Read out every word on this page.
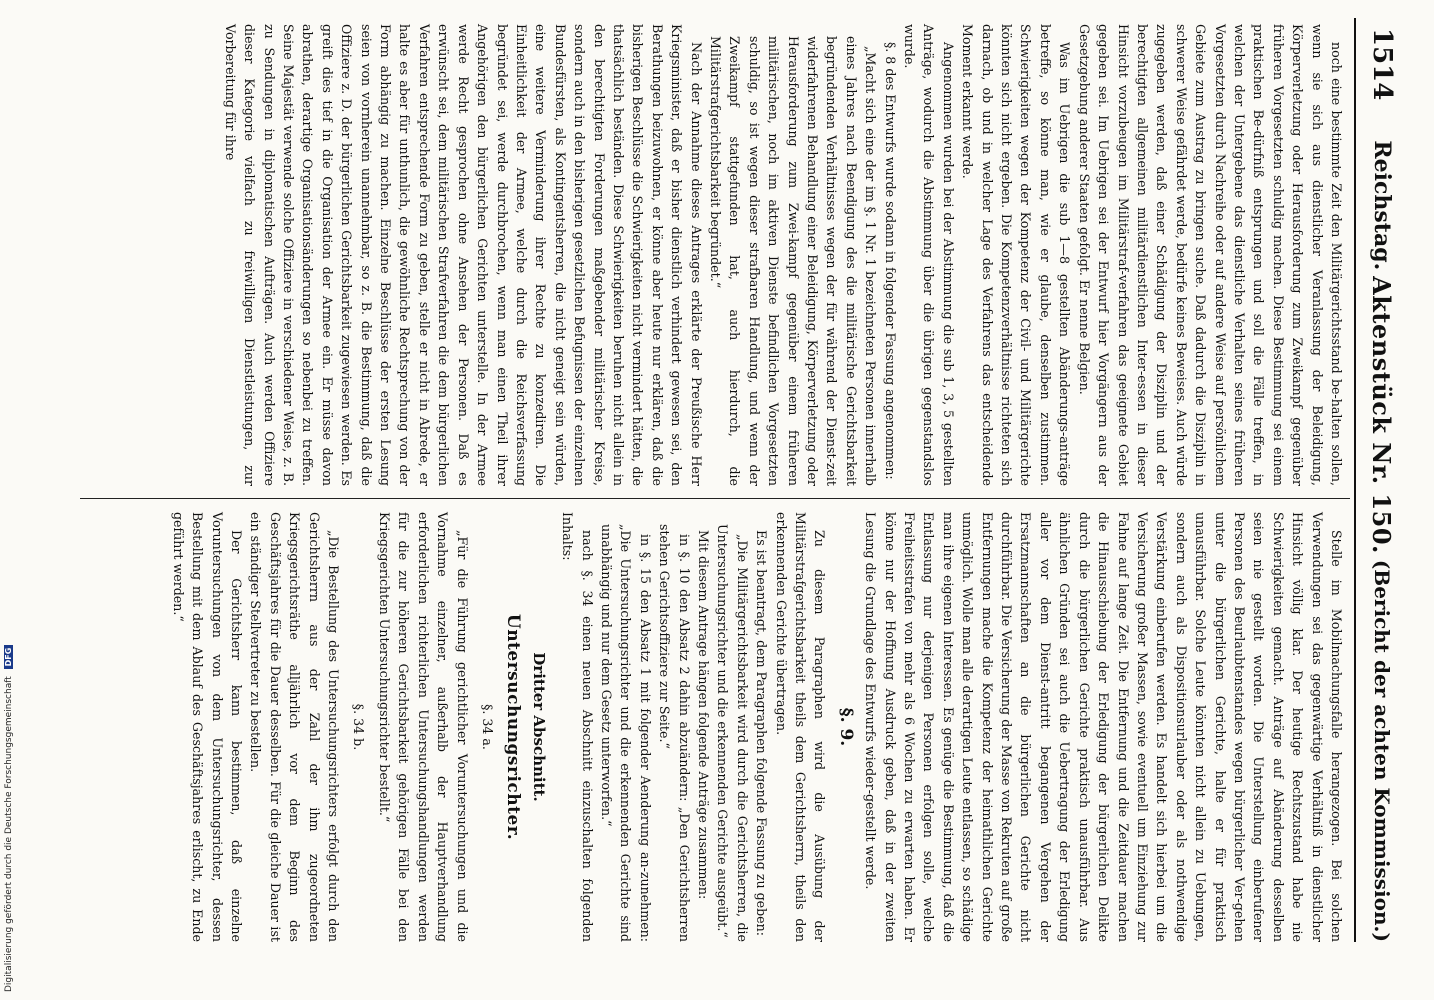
1514
Reichstag.
Aktenstück Nr. 150.
(Bericht der achten Kommission.)

noch eine bestimmte Zeit den Militärgerichtsstand be-halten sollen, wenn sie sich aus dienstlicher Veranlassung der Beleidigung, Körperverletzung oder Herausforderung zum Zweikampf gegenüber früheren Vorgesetzten schuldig machen. Diese Bestimmung sei einem praktischen Be-dürfniß entsprungen und soll die Fälle treffen, in welchen der Untergebene das dienstliche Verhalten seines früheren Vorgesetzten durch Nachreihe oder auf andere Weise auf persönlichem Gebiete zum Austrag zu bringen suche. Daß dadurch die Disziplin in schwerer Weise gefährdet werde, bedürfe keines Beweises. Auch würde zugegeben werden, daß einer Schädigung der Disziplin und der berechtigten allgemeinen militärdienstlichen Inter-essen in dieser Hinsicht vorzubeugen im Militärstraf-verfahren das geeignete Gebiet gegeben sei. Im Uebrigen sei der Entwurf hier Vorgängern aus der Gesetzgebung anderer Staaten gefolgt. Er nenne Belgien.

Was im Uebrigen die sub 1—8 gestellten Abänderungs-anträge betreffe, so könne man, wie er glaube, denselben zustimmen. Schwierigkeiten wegen der Kompetenz der Civil- und Militärgerichte könnten sich nicht ergeben. Die Kompetenzverhältnisse richteten sich darnach, ob und in welcher Lage des Verfahrens das entscheidende Moment erkannt werde.

Angenommen wurden bei der Abstimmung die sub 1, 3, 5 gestellten Anträge, wodurch die Abstimmung über die übrigen gegenstandslos wurde.

§. 8 des Entwurfs wurde sodann in folgender Fassung angenommen:

„Macht sich eine der im §. 1 Nr. 1 bezeichneten Personen innerhalb eines Jahres nach Beendigung des die militärische Gerichtsbarkeit begründenden Verhältnisses wegen der für während der Dienst-zeit widerfahrenen Behandlung einer Beleidigung, Körperverletzung oder Herausforderung zum Zwei-kampf gegenüber einem früheren militärischen, noch im aktiven Dienste befindlichen Vorgesetzten schuldig, so ist wegen dieser strafbaren Handlung, und wenn der Zweikampf stattgefunden hat, auch hierdurch, die Militärstrafgerichtsbarkeit begründet.“

Nach der Annahme dieses Antrages erklärte der Preußische Herr Kriegsminister, daß er bisher dienstlich verhindert gewesen sei, den Berathungen beizuwohnen, er könne aber heute nur erklären, daß die bisherigen Beschlüsse die Schwierigkeiten nicht vermindert hätten, die thatsächlich beständen. Diese Schwierigkeiten beruhen nicht allein in den berechtigten Forderungen maßgebender militärischer Kreise, sondern auch in den bisherigen gesetzlichen Befugnissen der einzelnen Bundesfürsten, als Kontingentsherren, die nicht geneigt sein würden, eine weitere Verminderung ihrer Rechte zu konzediren. Die Einheitlichkeit der Armee, welche durch die Reichsverfassung begründet sei, werde durchbrochen, wenn man einen Theil ihrer Angehörigen den bürgerlichen Gerichten unterstelle. In der Armee werde Recht gesprochen ohne Ansehen der Personen. Daß es erwünscht sei, dem militärischen Strafverfahren die dem bürgerlichen Verfahren entsprechende Form zu geben, stelle er nicht in Abrede, er halte es aber für unthunlich, die gewöhnliche Rechtsprechung von der Form abhängig zu machen. Einzelne Beschlüsse der ersten Lesung seien von vornherein unannehmbar, so z. B. die Bestimmung, daß die Offiziere z. D. der bürgerlichen Gerichtsbarkeit zugewiesen werden. Es greift dies tief in die Organisation der Armee ein. Er müsse davon abrathen, derartige Organisationsänderungen so nebenbei zu treffen. Seine Majestät verwende solche Offiziere in verschiedener Weise, z. B. zu Sendungen in diplomatischen Aufträgen. Auch werden Offiziere dieser Kategorie vielfach zu freiwilligen Dienstleistungen, zur Vorbereitung für ihre

Stelle im Mobilmachungsfalle herangezogen. Bei solchen Verwendungen sei das gegenwärtige Verhältniß in dienstlicher Hinsicht völlig klar. Der heutige Rechtszustand habe nie Schwierigkeiten gemacht. Anträge auf Abänderung desselben seien nie gestellt worden. Die Unterstellung einberufener Personen des Beurlaubtenstandes wegen bürgerlicher Ver-gehen unter die bürgerlichen Gerichte, halte er für praktisch unausführbar. Solche Leute könnten nicht allein zu Uebungen, sondern auch als Dispositionsurlauber oder als nothwendige Verstärkung einberufen werden. Es handelt sich hierbei um die Versicherung großer Massen, sowie eventuell um Einziehung zur Fahne auf lange Zeit. Die Entfernung und die Zeitdauer machen die Hinausschiebung der Erledigung der bürgerlichen Delikte durch die bürgerlichen Gerichte praktisch unausführbar. Aus ähnlichen Gründen sei auch die Uebertragung der Erledigung aller vor dem Dienst-antritt begangenen Vergehen der Ersatzmannschaften an die bürgerlichen Gerichte nicht durchführbar. Die Versicherung der Masse von Rekruten auf große Entfernungen mache die Kompetenz der heimathlichen Gerichte unmöglich. Wolle man alle derartigen Leute entlassen, so schädige man ihre eigenen Interessen. Es genüge die Bestimmung, daß die Entlassung nur derjenigen Personen erfolgen solle, welche Freiheitsstrafen von mehr als 6 Wochen zu erwarten haben. Er könne nur der Hoffnung Ausdruck geben, daß in der zweiten Lesung die Grundlage des Entwurfs wieder-gestellt werde.

§. 9.

Zu diesem Paragraphen wird die Ausübung der Militärstrafgerichtsbarkeit theils dem Gerichtsherrn, theils den erkennenden Gerichte übertragen.

Es ist beantragt, dem Paragraphen folgende Fassung zu geben:

„Die Militärgerichtsbarkeit wird durch die Gerichtsherren, die Untersuchungsrichter und die erkennenden Gerichte ausgeübt.“

Mit diesem Antrage hängen folgende Anträge zusammen:

in §. 10 den Absatz 2 dahin abzuändern: „Den Gerichtsherren stehen Gerichtsoffiziere zur Seite.“

in §. 15 den Absatz 1 mit folgender Aenderung an-zunehmen: „Die Untersuchungsrichter und die erkennenden Gerichte sind unabhängig und nur dem Gesetz unterworfen.“

nach §. 34 einen neuen Abschnitt einzuschalten folgenden Inhalts:

Dritter Abschnitt.

Untersuchungsrichter.

§. 34 a.

„Für die Führung gerichtlicher Voruntersuchungen und die Vornahme einzelner, außerhalb der Hauptverhandlung erforderlichen richterlichen Untersuchungshandlungen werden für die zur höheren Gerichtsbarkeit gehörigen Fälle bei den Kriegsgerichten Untersuchungsrichter bestellt.“

§. 34 b.

„Die Bestellung des Untersuchungsrichters erfolgt durch den Gerichtsherrn aus der Zahl der ihm zugeordneten Kriegsgerichtsräthe alljährlich vor dem Beginn des Geschäftsjahres für die Dauer desselben. Für die gleiche Dauer ist ein ständiger Stellvertreter zu bestellen.

Der Gerichtsherr kann bestimmen, daß einzelne Voruntersuchungen von dem Untersuchungsrichter, dessen Bestellung mit dem Ablauf des Geschäftsjahres erlischt, zu Ende geführt werden.“

Digitalisierung gefördert durch die Deutsche Forschungsgemeinschaft DFG
